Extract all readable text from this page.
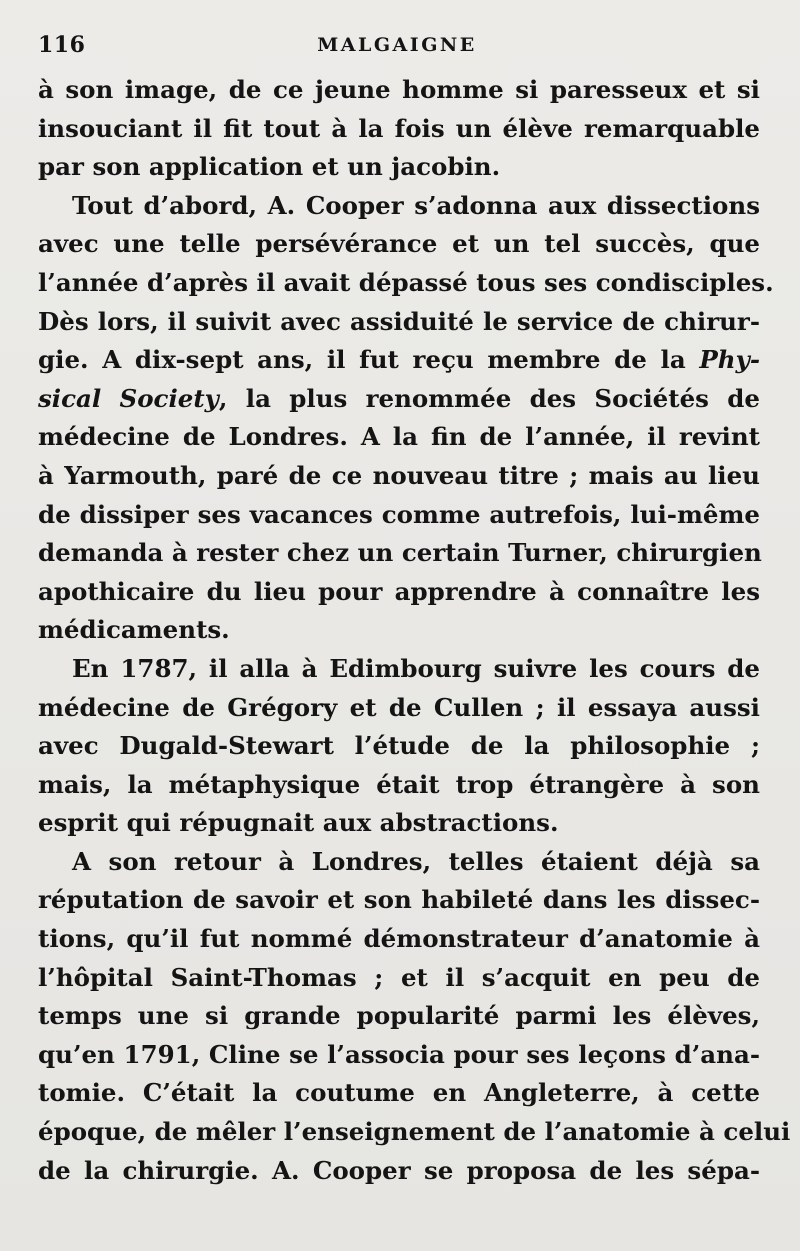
116	MALGAIGNE
à son image, de ce jeune homme si paresseux et si
insouciant il fit tout à la fois un élève remarquable
par son application et un jacobin.
Tout d’abord, A. Cooper s’adonna aux dissections
avec une telle persévérance et un tel succès, que
l’année d’après il avait dépassé tous ses condisciples.
Dès lors, il suivit avec assiduité le service de chirur-
gie. A dix-sept ans, il fut reçu membre de la Phy-
sical Society, la plus renommée des Sociétés de
médecine de Londres. A la fin de l’année, il revint
à Yarmouth, paré de ce nouveau titre ; mais au lieu
de dissiper ses vacances comme autrefois, lui-même
demanda à rester chez un certain Turner, chirurgien
apothicaire du lieu pour apprendre à connaître les
médicaments.
En 1787, il alla à Edimbourg suivre les cours de
médecine de Grégory et de Cullen ; il essaya aussi
avec Dugald-Stewart l’étude de la philosophie ;
mais, la métaphysique était trop étrangère à son
esprit qui répugnait aux abstractions.
A son retour à Londres, telles étaient déjà sa
réputation de savoir et son habileté dans les dissec-
tions, qu’il fut nommé démonstrateur d’anatomie à
l’hôpital Saint-Thomas ; et il s’acquit en peu de
temps une si grande popularité parmi les élèves,
qu’en 1791, Cline se l’associa pour ses leçons d’ana-
tomie. C’était la coutume en Angleterre, à cette
époque, de mêler l’enseignement de l’anatomie à celui
de la chirurgie. A. Cooper se proposa de les sépa-
